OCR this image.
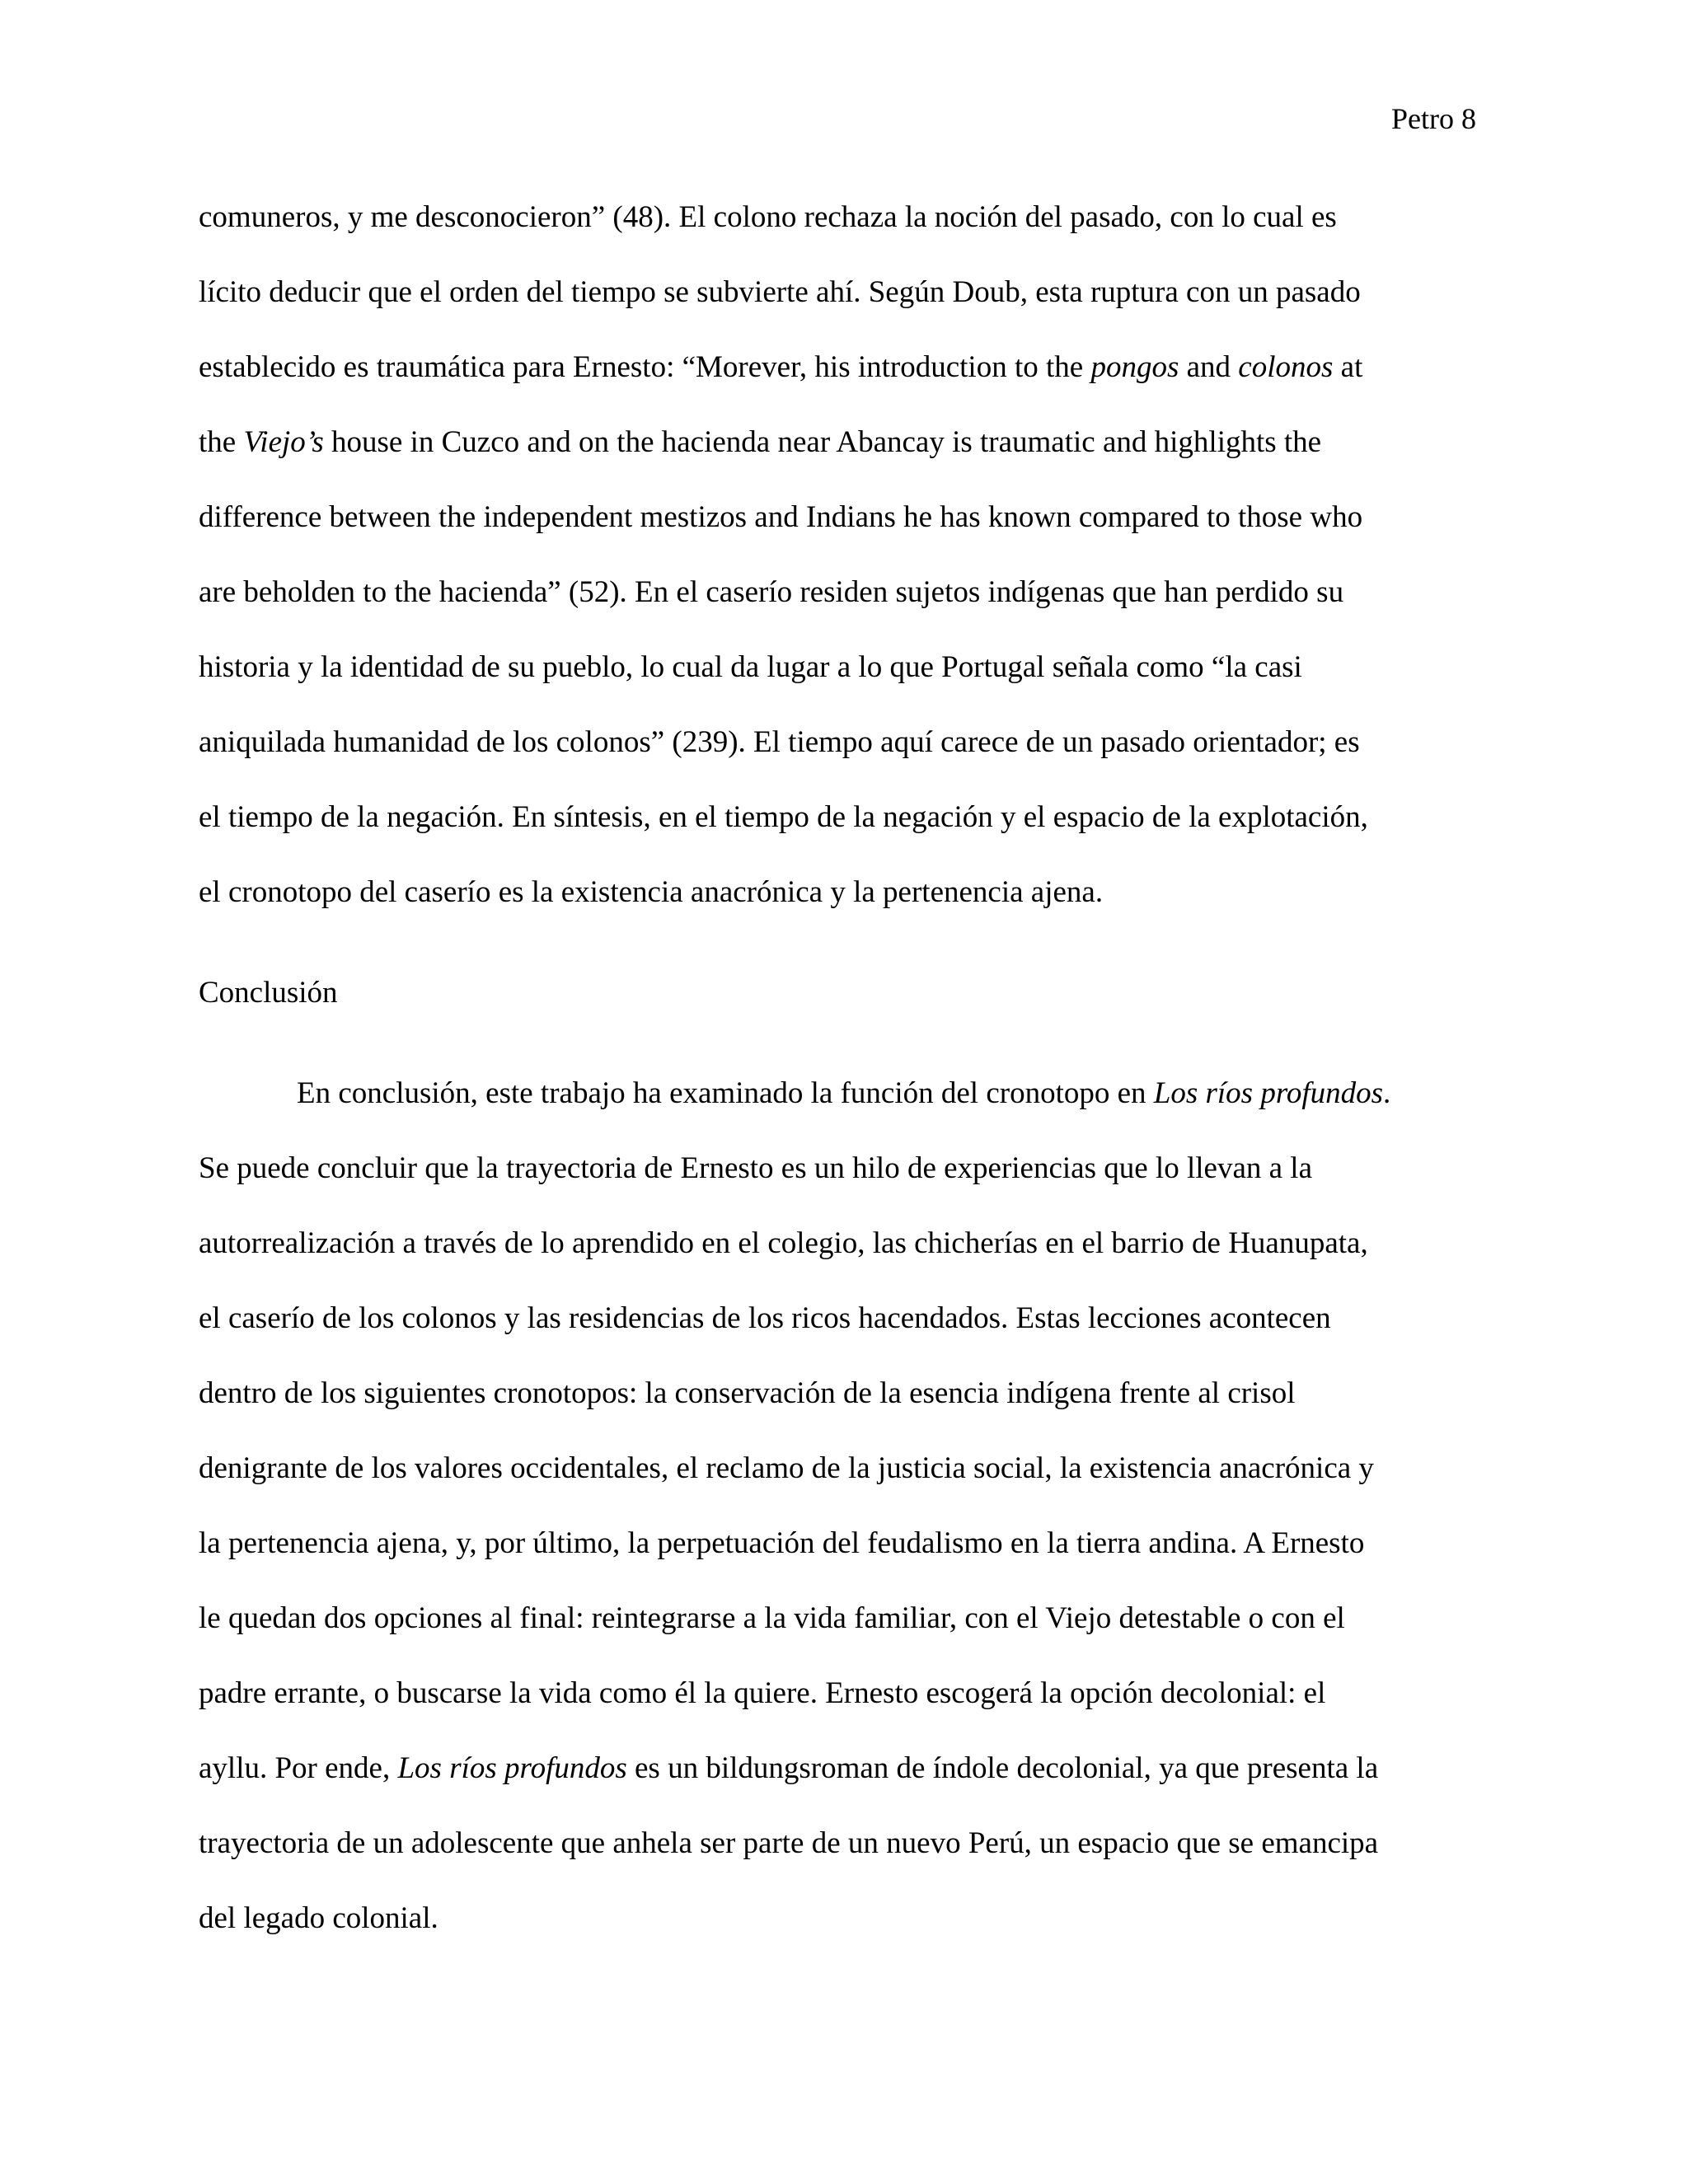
Petro 8
comuneros, y me desconocieron” (48). El colono rechaza la noción del pasado, con lo cual es
lícito deducir que el orden del tiempo se subvierte ahí. Según Doub, esta ruptura con un pasado
establecido es traumática para Ernesto: “Morever, his introduction to the pongos and colonos at
the Viejo’s house in Cuzco and on the hacienda near Abancay is traumatic and highlights the
difference between the independent mestizos and Indians he has known compared to those who
are beholden to the hacienda” (52). En el caserío residen sujetos indígenas que han perdido su
historia y la identidad de su pueblo, lo cual da lugar a lo que Portugal señala como “la casi
aniquilada humanidad de los colonos” (239). El tiempo aquí carece de un pasado orientador; es
el tiempo de la negación. En síntesis, en el tiempo de la negación y el espacio de la explotación,
el cronotopo del caserío es la existencia anacrónica y la pertenencia ajena.
Conclusión
En conclusión, este trabajo ha examinado la función del cronotopo en Los ríos profundos.
Se puede concluir que la trayectoria de Ernesto es un hilo de experiencias que lo llevan a la
autorrealización a través de lo aprendido en el colegio, las chicherías en el barrio de Huanupata,
el caserío de los colonos y las residencias de los ricos hacendados. Estas lecciones acontecen
dentro de los siguientes cronotopos: la conservación de la esencia indígena frente al crisol
denigrante de los valores occidentales, el reclamo de la justicia social, la existencia anacrónica y
la pertenencia ajena, y, por último, la perpetuación del feudalismo en la tierra andina. A Ernesto
le quedan dos opciones al final: reintegrarse a la vida familiar, con el Viejo detestable o con el
padre errante, o buscarse la vida como él la quiere. Ernesto escogerá la opción decolonial: el
ayllu. Por ende, Los ríos profundos es un bildungsroman de índole decolonial, ya que presenta la
trayectoria de un adolescente que anhela ser parte de un nuevo Perú, un espacio que se emancipa
del legado colonial.
